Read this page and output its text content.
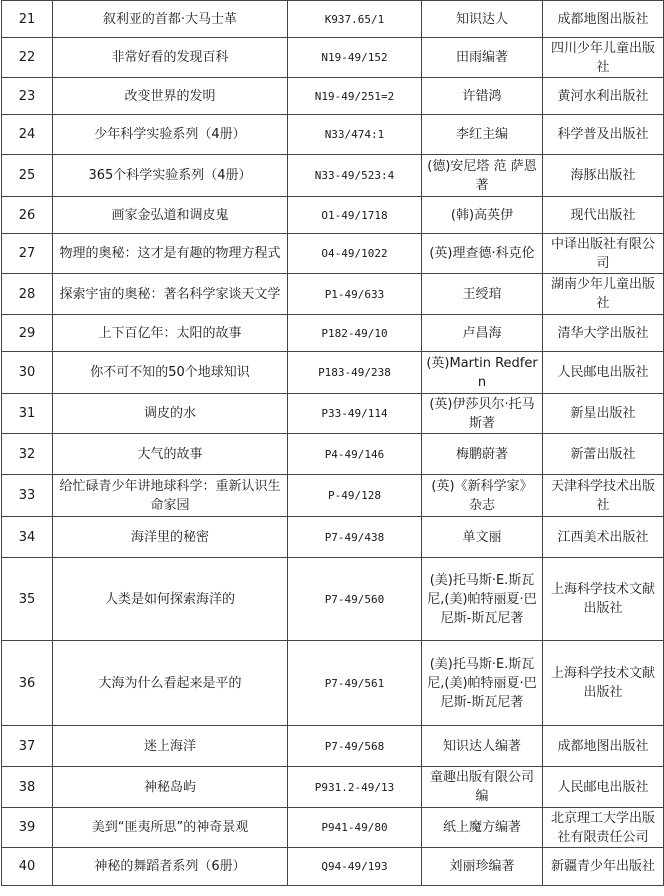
21	叙利亚的首都·大马士革	K937.65/1	知识达人	成都地图出版社
22	非常好看的发现百科	N19-49/152	田雨编著	四川少年儿童出版社
23	改变世界的发明	N19-49/251=2	许错鸿	黄河水利出版社
24	少年科学实验系列（4册）	N33/474:1	李红主编	科学普及出版社
25	365个科学实验系列（4册）	N33-49/523:4	(德)安尼塔 范 萨恩著	海豚出版社
26	画家金弘道和调皮鬼	O1-49/1718	(韩)高英伊	现代出版社
27	物理的奥秘：这才是有趣的物理方程式	O4-49/1022	(英)理查德·科克伦	中译出版社有限公司
28	探索宇宙的奥秘：著名科学家谈天文学	P1-49/633	王绶琯	湖南少年儿童出版社
29	上下百亿年：太阳的故事	P182-49/10	卢昌海	清华大学出版社
30	你不可不知的50个地球知识	P183-49/238	(英)Martin Redfern	人民邮电出版社
31	调皮的水	P33-49/114	(英)伊莎贝尔·托马斯著	新星出版社
32	大气的故事	P4-49/146	梅鹏蔚著	新蕾出版社
33	给忙碌青少年讲地球科学：重新认识生命家园	P-49/128	(英)《新科学家》杂志	天津科学技术出版社
34	海洋里的秘密	P7-49/438	单文丽	江西美术出版社
35	人类是如何探索海洋的	P7-49/560	(美)托马斯·E.斯瓦尼,(美)帕特丽夏·巴尼斯-斯瓦尼著	上海科学技术文献出版社
36	大海为什么看起来是平的	P7-49/561	(美)托马斯·E.斯瓦尼,(美)帕特丽夏·巴尼斯-斯瓦尼著	上海科学技术文献出版社
37	迷上海洋	P7-49/568	知识达人编著	成都地图出版社
38	神秘岛屿	P931.2-49/13	童趣出版有限公司编	人民邮电出版社
39	美到“匪夷所思”的神奇景观	P941-49/80	纸上魔方编著	北京理工大学出版社有限责任公司
40	神秘的舞蹈者系列（6册）	Q94-49/193	刘丽珍编著	新疆青少年出版社
